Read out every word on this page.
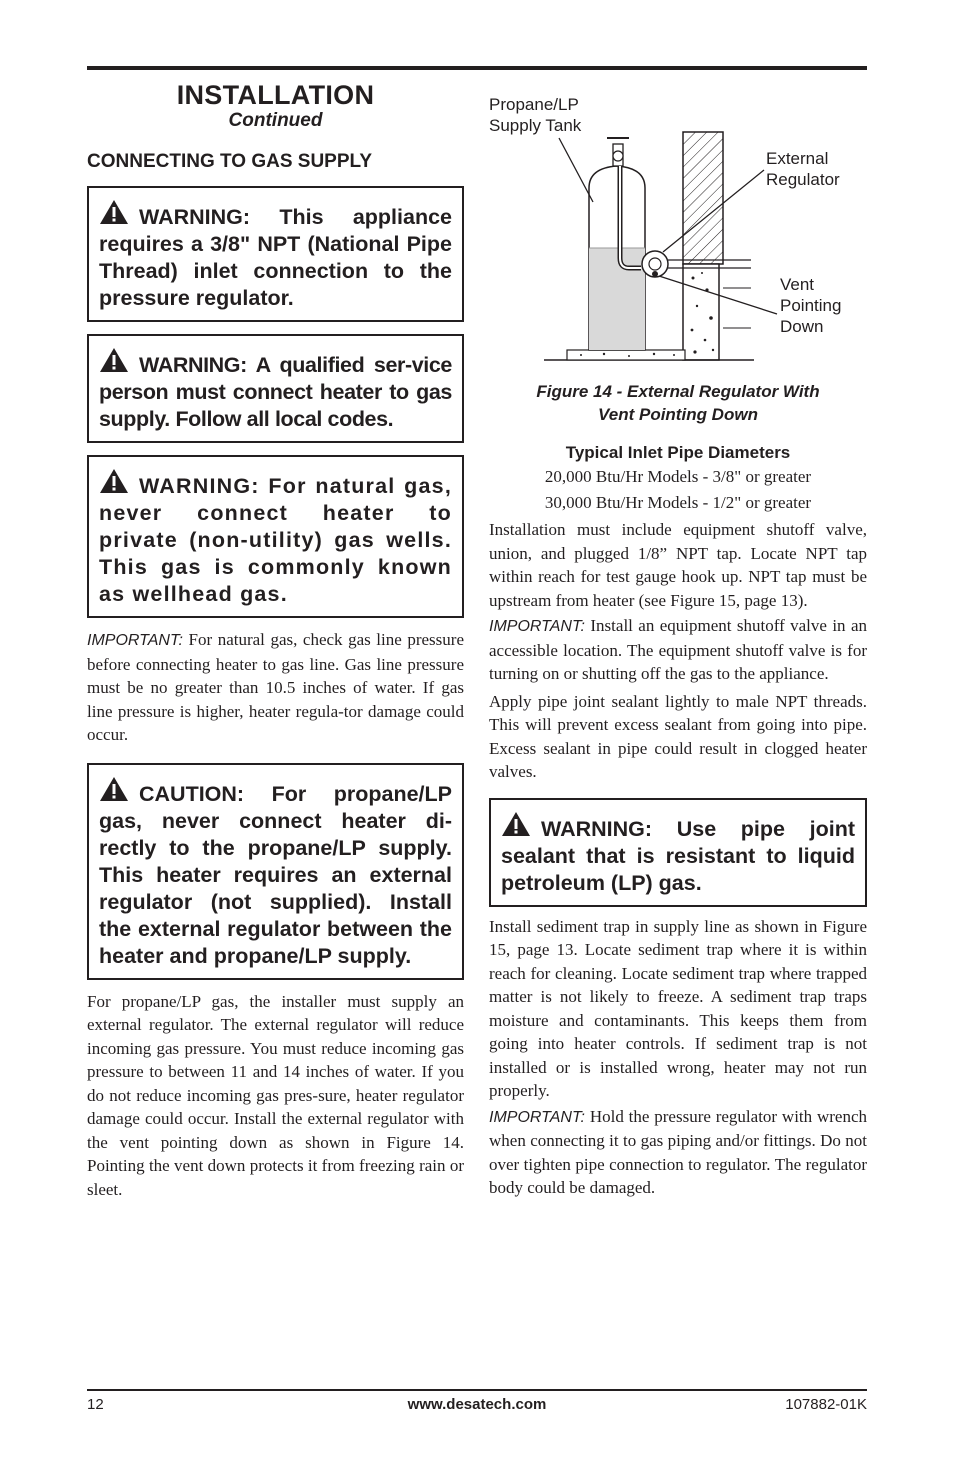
INSTALLATION
Continued
CONNECTING TO GAS SUPPLY
WARNING: This appliance requires a 3/8" NPT (National Pipe Thread) inlet connection to the pressure regulator.
WARNING: A qualified ser-vice person must connect heater to gas supply. Follow all local codes.
WARNING: For natural gas, never connect heater to private (non-utility) gas wells. This gas is commonly known as wellhead gas.
IMPORTANT: For natural gas, check gas line pressure before connecting heater to gas line. Gas line pressure must be no greater than 10.5 inches of water. If gas line pressure is higher, heater regula-tor damage could occur.
CAUTION: For propane/LP gas, never connect heater di-rectly to the propane/LP supply. This heater requires an external regulator (not supplied). Install the external regulator between the heater and propane/LP supply.
For propane/LP gas, the installer must supply an external regulator. The external regulator will reduce incoming gas pressure. You must reduce incoming gas pressure to between 11 and 14 inches of water. If you do not reduce incoming gas pres-sure, heater regulator damage could occur. Install the external regulator with the vent pointing down as shown in Figure 14. Pointing the vent down protects it from freezing rain or sleet.
Propane/LP
Supply Tank
External
Regulator
Vent
Pointing
Down
Figure 14 - External Regulator With
Vent Pointing Down
Typical Inlet Pipe Diameters
20,000 Btu/Hr Models - 3/8" or greater
30,000 Btu/Hr Models - 1/2" or greater
Installation must include equipment shutoff valve, union, and plugged 1/8” NPT tap. Locate NPT tap within reach for test gauge hook up. NPT tap must be upstream from heater (see Figure 15, page 13).
IMPORTANT: Install an equipment shutoff valve in an accessible location. The equipment shutoff valve is for turning on or shutting off the gas to the appliance.
Apply pipe joint sealant lightly to male NPT threads. This will prevent excess sealant from going into pipe. Excess sealant in pipe could result in clogged heater valves.
WARNING: Use pipe joint sealant that is resistant to liquid petroleum (LP) gas.
Install sediment trap in supply line as shown in Figure 15, page 13. Locate sediment trap where it is within reach for cleaning. Locate sediment trap where trapped matter is not likely to freeze. A sediment trap traps moisture and contaminants. This keeps them from going into heater controls. If sediment trap is not installed or is installed wrong, heater may not run properly.
IMPORTANT: Hold the pressure regulator with wrench when connecting it to gas piping and/or fittings. Do not over tighten pipe connection to regulator. The regulator body could be damaged.
12	www.desatech.com	107882-01K
